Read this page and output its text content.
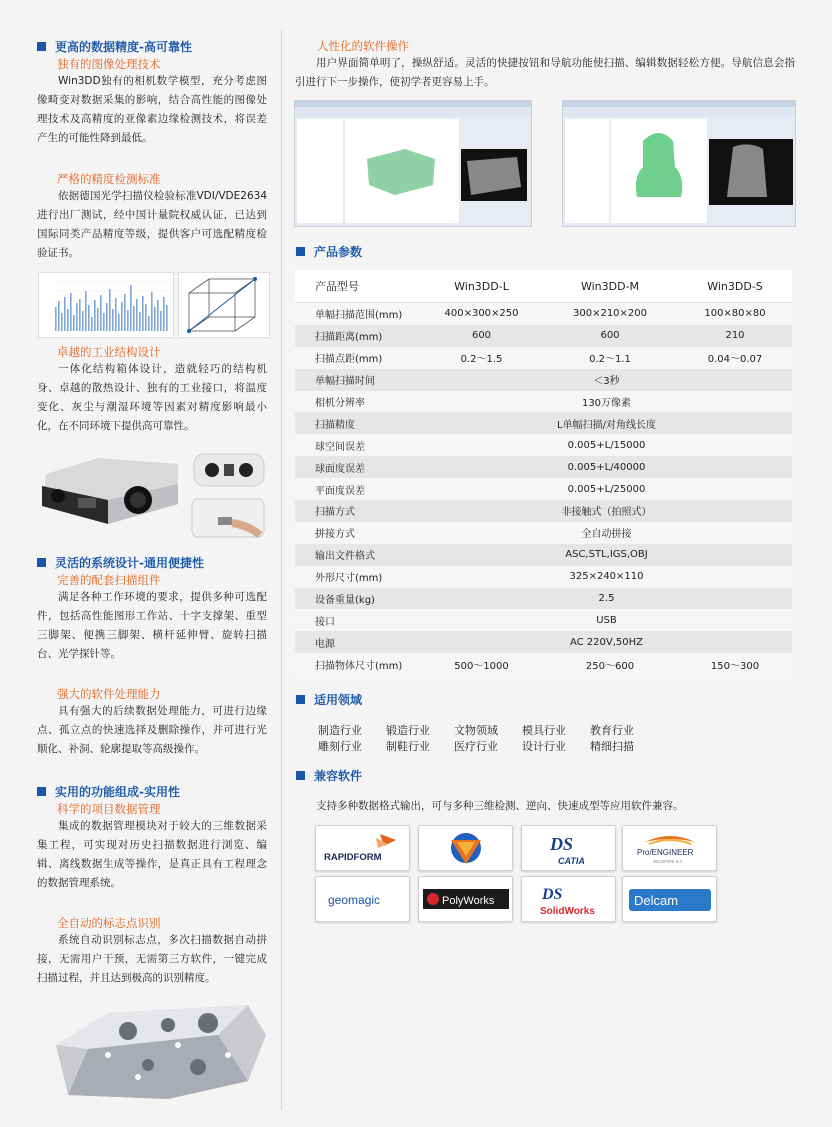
更高的数据精度-高可靠性
独有的图像处理技术
Win3DD独有的相机数学模型，充分考虑图像畸变对数据采集的影响，结合高性能的图像处理技术及高精度的亚像素边缘检测技术，将误差产生的可能性降到最低。
严格的精度检测标准
依据德国光学扫描仪检验标准VDI/VDE2634进行出厂测试，经中国计量院权威认证，已达到国际同类产品精度等级，提供客户可选配精度检验证书。
卓越的工业结构设计
一体化结构箱体设计，造就轻巧的结构机身、卓越的散热设计、独有的工业接口，将温度变化、灰尘与潮湿环境等因素对精度影响最小化，在不同环境下提供高可靠性。
灵活的系统设计-通用便捷性
完善的配套扫描组件
满足各种工作环境的要求，提供多种可选配件，包括高性能图形工作站、十字支撑架、重型三脚架、便携三脚架、横杆延伸臂、旋转扫描台、光学探针等。
强大的软件处理能力
具有强大的后续数据处理能力，可进行边缘点、孤立点的快速选择及删除操作，并可进行光顺化、补洞、轮廓提取等高级操作。
实用的功能组成-实用性
科学的项目数据管理
集成的数据管理模块对于较大的三维数据采集工程，可实现对历史扫描数据进行浏览、编辑、离线数据生成等操作，是真正具有工程理念的数据管理系统。
全自动的标志点识别
系统自动识别标志点，多次扫描数据自动拼接，无需用户干预，无需第三方软件，一键完成扫描过程，并且达到极高的识别精度。
人性化的软件操作
用户界面简单明了，操纵舒适。灵活的快捷按钮和导航功能使扫描、编辑数据轻松方便。导航信息会指引进行下一步操作，使初学者更容易上手。
产品参数
产品型号	Win3DD-L	Win3DD-M	Win3DD-S
单幅扫描范围(mm)	400×300×250	300×210×200	100×80×80
扫描距离(mm)	600	600	210
扫描点距(mm)	0.2～1.5	0.2～1.1	0.04～0.07
单幅扫描时间	＜3秒
相机分辨率	130万像素
扫描精度	L单幅扫描/对角线长度
球空间误差	0.005+L/15000
球面度误差	0.005+L/40000
平面度误差	0.005+L/25000
扫描方式	非接触式（拍照式）
拼接方式	全自动拼接
输出文件格式	ASC,STL,IGS,OBJ
外形尺寸(mm)	325×240×110
设备重量(kg)	2.5
接口	USB
电源	AC 220V,50HZ
扫描物体尺寸(mm)	500～1000	250～600	150～300
适用领域
制造行业 锻造行业 文物领域 模具行业 教育行业
雕刻行业 制鞋行业 医疗行业 设计行业 精细扫描
兼容软件
支持多种数据格式输出，可与多种三维检测、逆向、快速成型等应用软件兼容。
RAPIDFORM
DS
CATIA
Pro/ENGINEER
WILDFIRE 5.0
geomagic	PolyWorks	DS
SolidWorks
Delcam
